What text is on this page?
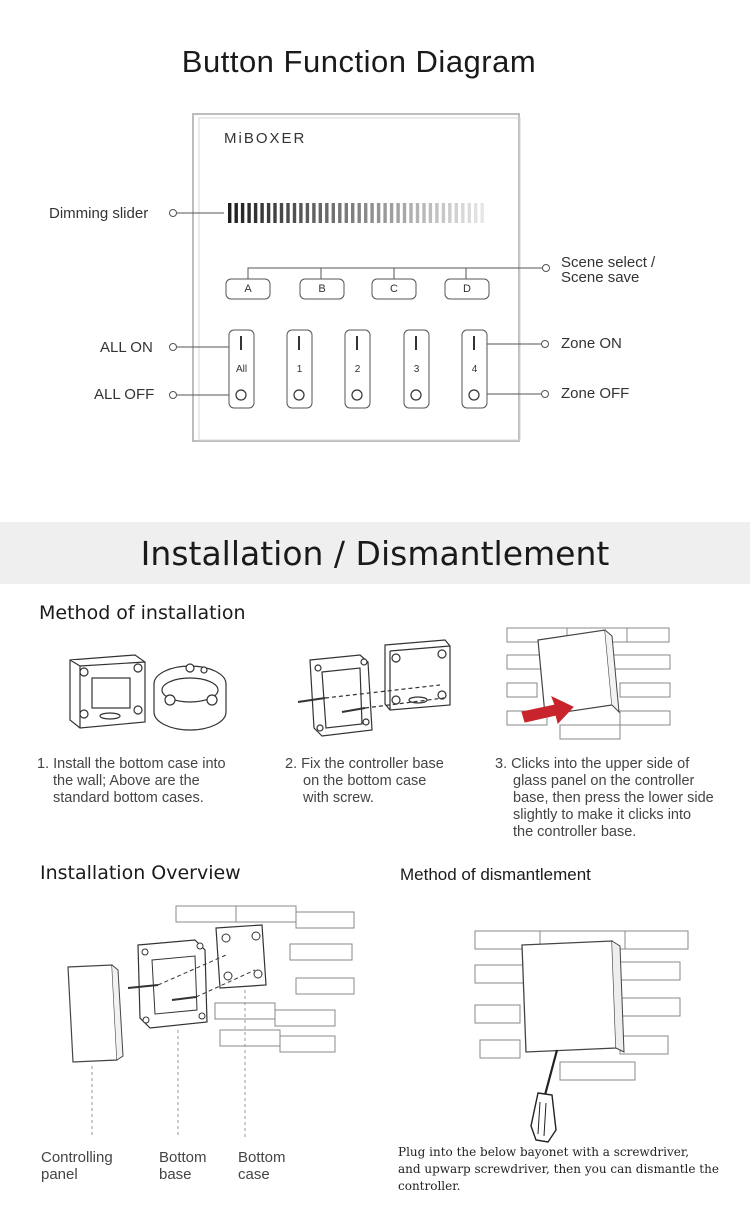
Button Function Diagram
MiBOXER
Dimming slider
Scene select /
Scene save
ALL ON
ALL OFF
Zone ON
Zone OFF
A	B	C	D
All	1	2	3	4
Installation / Dismantlement
Method of installation
1. Install the bottom case into
the wall; Above are the
standard bottom cases.
2. Fix the controller base
on the bottom case
with screw.
3. Clicks into the upper side of
glass panel on the controller
base, then press the lower side
slightly to make it clicks into
the controller base.
Installation Overview	Method of dismantlement
Controlling
panel
Bottom
base
Bottom
case
Plug into the below bayonet with a screwdriver,
and upwarp screwdriver, then you can dismantle the controller.
